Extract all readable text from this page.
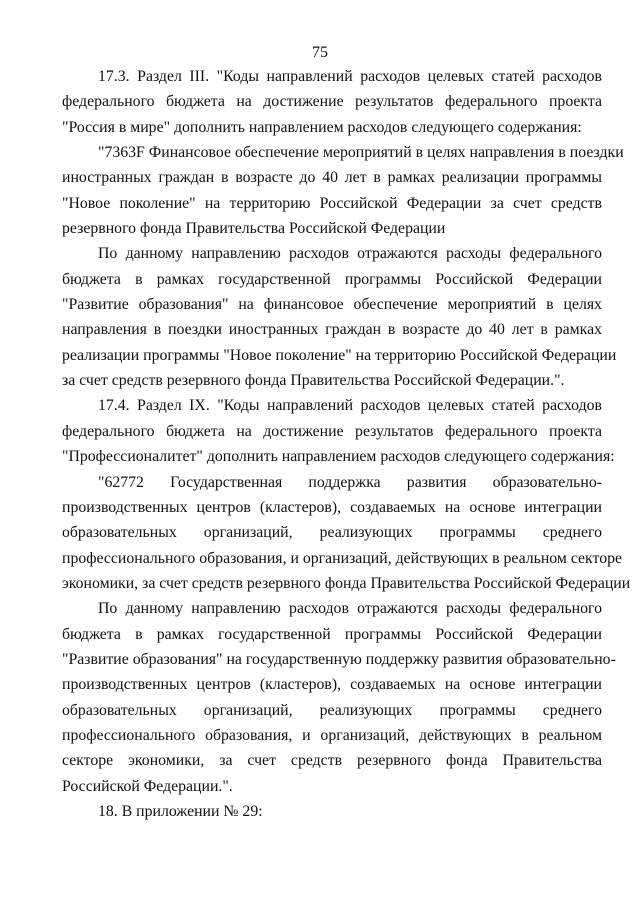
75
17.3. Раздел III. "Коды направлений расходов целевых статей расходов
федерального бюджета на достижение результатов федерального проекта
"Россия в мире" дополнить направлением расходов следующего содержания:
"7363F Финансовое обеспечение мероприятий в целях направления в поездки
иностранных граждан в возрасте до 40 лет в рамках реализации программы
"Новое поколение" на территорию Российской Федерации за счет средств
резервного фонда Правительства Российской Федерации
По данному направлению расходов отражаются расходы федерального
бюджета в рамках государственной программы Российской Федерации
"Развитие образования" на финансовое обеспечение мероприятий в целях
направления в поездки иностранных граждан в возрасте до 40 лет в рамках
реализации программы "Новое поколение" на территорию Российской Федерации
за счет средств резервного фонда Правительства Российской Федерации.".
17.4. Раздел IX. "Коды направлений расходов целевых статей расходов
федерального бюджета на достижение результатов федерального проекта
"Профессионалитет" дополнить направлением расходов следующего содержания:
"62772 Государственная поддержка развития образовательно-
производственных центров (кластеров), создаваемых на основе интеграции
образовательных организаций, реализующих программы среднего
профессионального образования, и организаций, действующих в реальном секторе
экономики, за счет средств резервного фонда Правительства Российской Федерации
По данному направлению расходов отражаются расходы федерального
бюджета в рамках государственной программы Российской Федерации
"Развитие образования" на государственную поддержку развития образовательно-
производственных центров (кластеров), создаваемых на основе интеграции
образовательных организаций, реализующих программы среднего
профессионального образования, и организаций, действующих в реальном
секторе экономики, за счет средств резервного фонда Правительства
Российской Федерации.".
18. В приложении № 29:
